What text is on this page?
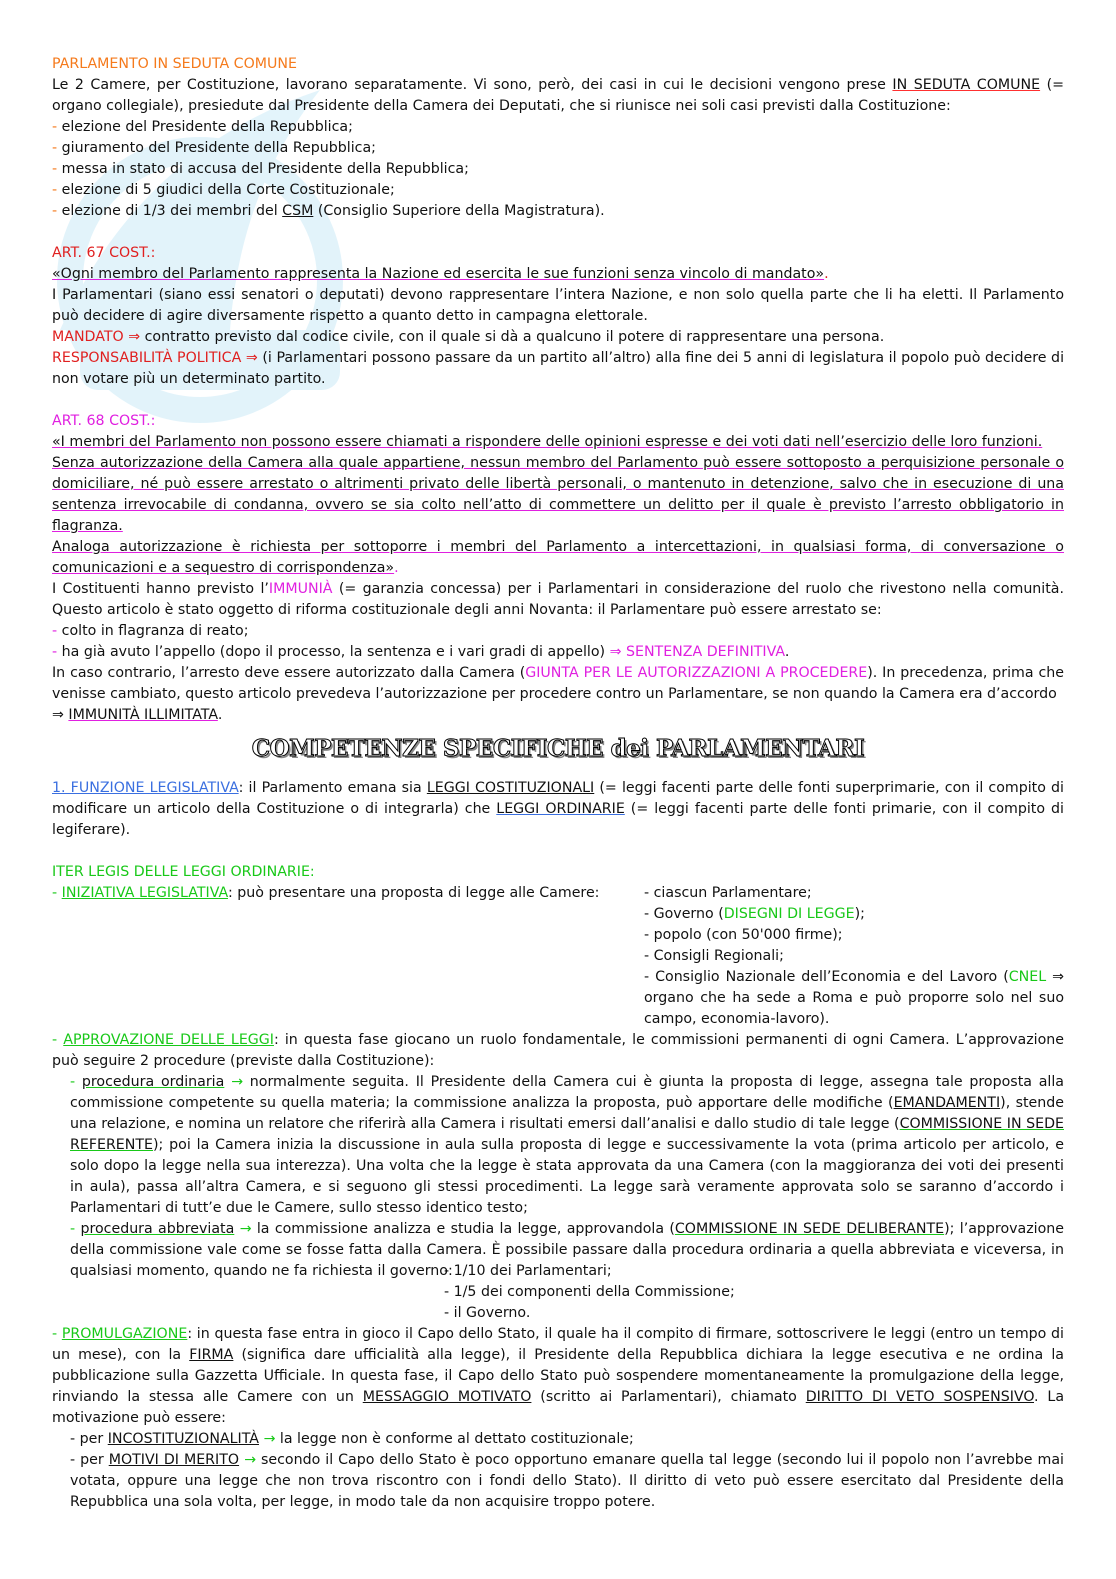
PARLAMENTO IN SEDUTA COMUNE

Le 2 Camere, per Costituzione, lavorano separatamente. Vi sono, però, dei casi in cui le decisioni vengono prese IN SEDUTA COMUNE (= organo collegiale), presiedute dal Presidente della Camera dei Deputati, che si riunisce nei soli casi previsti dalla Costituzione:

- elezione del Presidente della Repubblica;

- giuramento del Presidente della Repubblica;

- messa in stato di accusa del Presidente della Repubblica;

- elezione di 5 giudici della Corte Costituzionale;

- elezione di 1/3 dei membri del CSM (Consiglio Superiore della Magistratura).

ART. 67 COST.:

«Ogni membro del Parlamento rappresenta la Nazione ed esercita le sue funzioni senza vincolo di mandato».

I Parlamentari (siano essi senatori o deputati) devono rappresentare l’intera Nazione, e non solo quella parte che li ha eletti. Il Parlamento può decidere di agire diversamente rispetto a quanto detto in campagna elettorale.

MANDATO ⇒ contratto previsto dal codice civile, con il quale si dà a qualcuno il potere di rappresentare una persona.

RESPONSABILITÀ POLITICA ⇒ (i Parlamentari possono passare da un partito all’altro) alla fine dei 5 anni di legislatura il popolo può decidere di non votare più un determinato partito.

ART. 68 COST.:

«I membri del Parlamento non possono essere chiamati a rispondere delle opinioni espresse e dei voti dati nell’esercizio delle loro funzioni.

Senza autorizzazione della Camera alla quale appartiene, nessun membro del Parlamento può essere sottoposto a perquisizione personale o domiciliare, né può essere arrestato o altrimenti privato delle libertà personali, o mantenuto in detenzione, salvo che in esecuzione di una sentenza irrevocabile di condanna, ovvero se sia colto nell’atto di commettere un delitto per il quale è previsto l’arresto obbligatorio in flagranza.

Analoga autorizzazione è richiesta per sottoporre i membri del Parlamento a intercettazioni, in qualsiasi forma, di conversazione o comunicazioni e a sequestro di corrispondenza».

I Costituenti hanno previsto l’IMMUNIÀ (= garanzia concessa) per i Parlamentari in considerazione del ruolo che rivestono nella comunità. Questo articolo è stato oggetto di riforma costituzionale degli anni Novanta: il Parlamentare può essere arrestato se:

- colto in flagranza di reato;

- ha già avuto l’appello (dopo il processo, la sentenza e i vari gradi di appello) ⇒ SENTENZA DEFINITIVA.

In caso contrario, l’arresto deve essere autorizzato dalla Camera (GIUNTA PER LE AUTORIZZAZIONI A PROCEDERE). In precedenza, prima che venisse cambiato, questo articolo prevedeva l’autorizzazione per procedere contro un Parlamentare, se non quando la Camera era d’accordo
⇒ IMMUNITÀ ILLIMITATA.

COMPETENZE SPECIFICHE dei PARLAMENTARI

1. FUNZIONE LEGISLATIVA: il Parlamento emana sia LEGGI COSTITUZIONALI (= leggi facenti parte delle fonti superprimarie, con il compito di modificare un articolo della Costituzione o di integrarla) che LEGGI ORDINARIE (= leggi facenti parte delle fonti primarie, con il compito di legiferare).

ITER LEGIS DELLE LEGGI ORDINARIE:

- INIZIATIVA LEGISLATIVA: può presentare una proposta di legge alle Camere:	- ciascun Parlamentare;

- Governo (DISEGNI DI LEGGE);

- popolo (con 50'000 firme);

- Consigli Regionali;

- Consiglio Nazionale dell’Economia e del Lavoro (CNEL ⇒ organo che ha sede a Roma e può proporre solo nel suo campo, economia-lavoro).

- APPROVAZIONE DELLE LEGGI: in questa fase giocano un ruolo fondamentale, le commissioni permanenti di ogni Camera. L’approvazione può seguire 2 procedure (previste dalla Costituzione):

- procedura ordinaria → normalmente seguita. Il Presidente della Camera cui è giunta la proposta di legge, assegna tale proposta alla commissione competente su quella materia; la commissione analizza la proposta, può apportare delle modifiche (EMANDAMENTI), stende una relazione, e nomina un relatore che riferirà alla Camera i risultati emersi dall’analisi e dallo studio di tale legge (COMMISSIONE IN SEDE REFERENTE); poi la Camera inizia la discussione in aula sulla proposta di legge e successivamente la vota (prima articolo per articolo, e solo dopo la legge nella sua interezza). Una volta che la legge è stata approvata da una Camera (con la maggioranza dei voti dei presenti in aula), passa all’altra Camera, e si seguono gli stessi procedimenti. La legge sarà veramente approvata solo se saranno d’accordo i Parlamentari di tutt’e due le Camere, sullo stesso identico testo;

- procedura abbreviata → la commissione analizza e studia la legge, approvandola (COMMISSIONE IN SEDE DELIBERANTE); l’approvazione della commissione vale come se fosse fatta dalla Camera. È possibile passare dalla procedura ordinaria a quella abbreviata e viceversa, in qualsiasi momento, quando ne fa richiesta il governo:

- 1/10 dei Parlamentari;

- 1/5 dei componenti della Commissione;

- il Governo.

- PROMULGAZIONE: in questa fase entra in gioco il Capo dello Stato, il quale ha il compito di firmare, sottoscrivere le leggi (entro un tempo di un mese), con la FIRMA (significa dare ufficialità alla legge), il Presidente della Repubblica dichiara la legge esecutiva e ne ordina la pubblicazione sulla Gazzetta Ufficiale. In questa fase, il Capo dello Stato può sospendere momentaneamente la promulgazione della legge, rinviando la stessa alle Camere con un MESSAGGIO MOTIVATO (scritto ai Parlamentari), chiamato DIRITTO DI VETO SOSPENSIVO. La motivazione può essere:

- per INCOSTITUZIONALITÀ → la legge non è conforme al dettato costituzionale;

- per MOTIVI DI MERITO → secondo il Capo dello Stato è poco opportuno emanare quella tal legge (secondo lui il popolo non l’avrebbe mai votata, oppure una legge che non trova riscontro con i fondi dello Stato). Il diritto di veto può essere esercitato dal Presidente della Repubblica una sola volta, per legge, in modo tale da non acquisire troppo potere.
